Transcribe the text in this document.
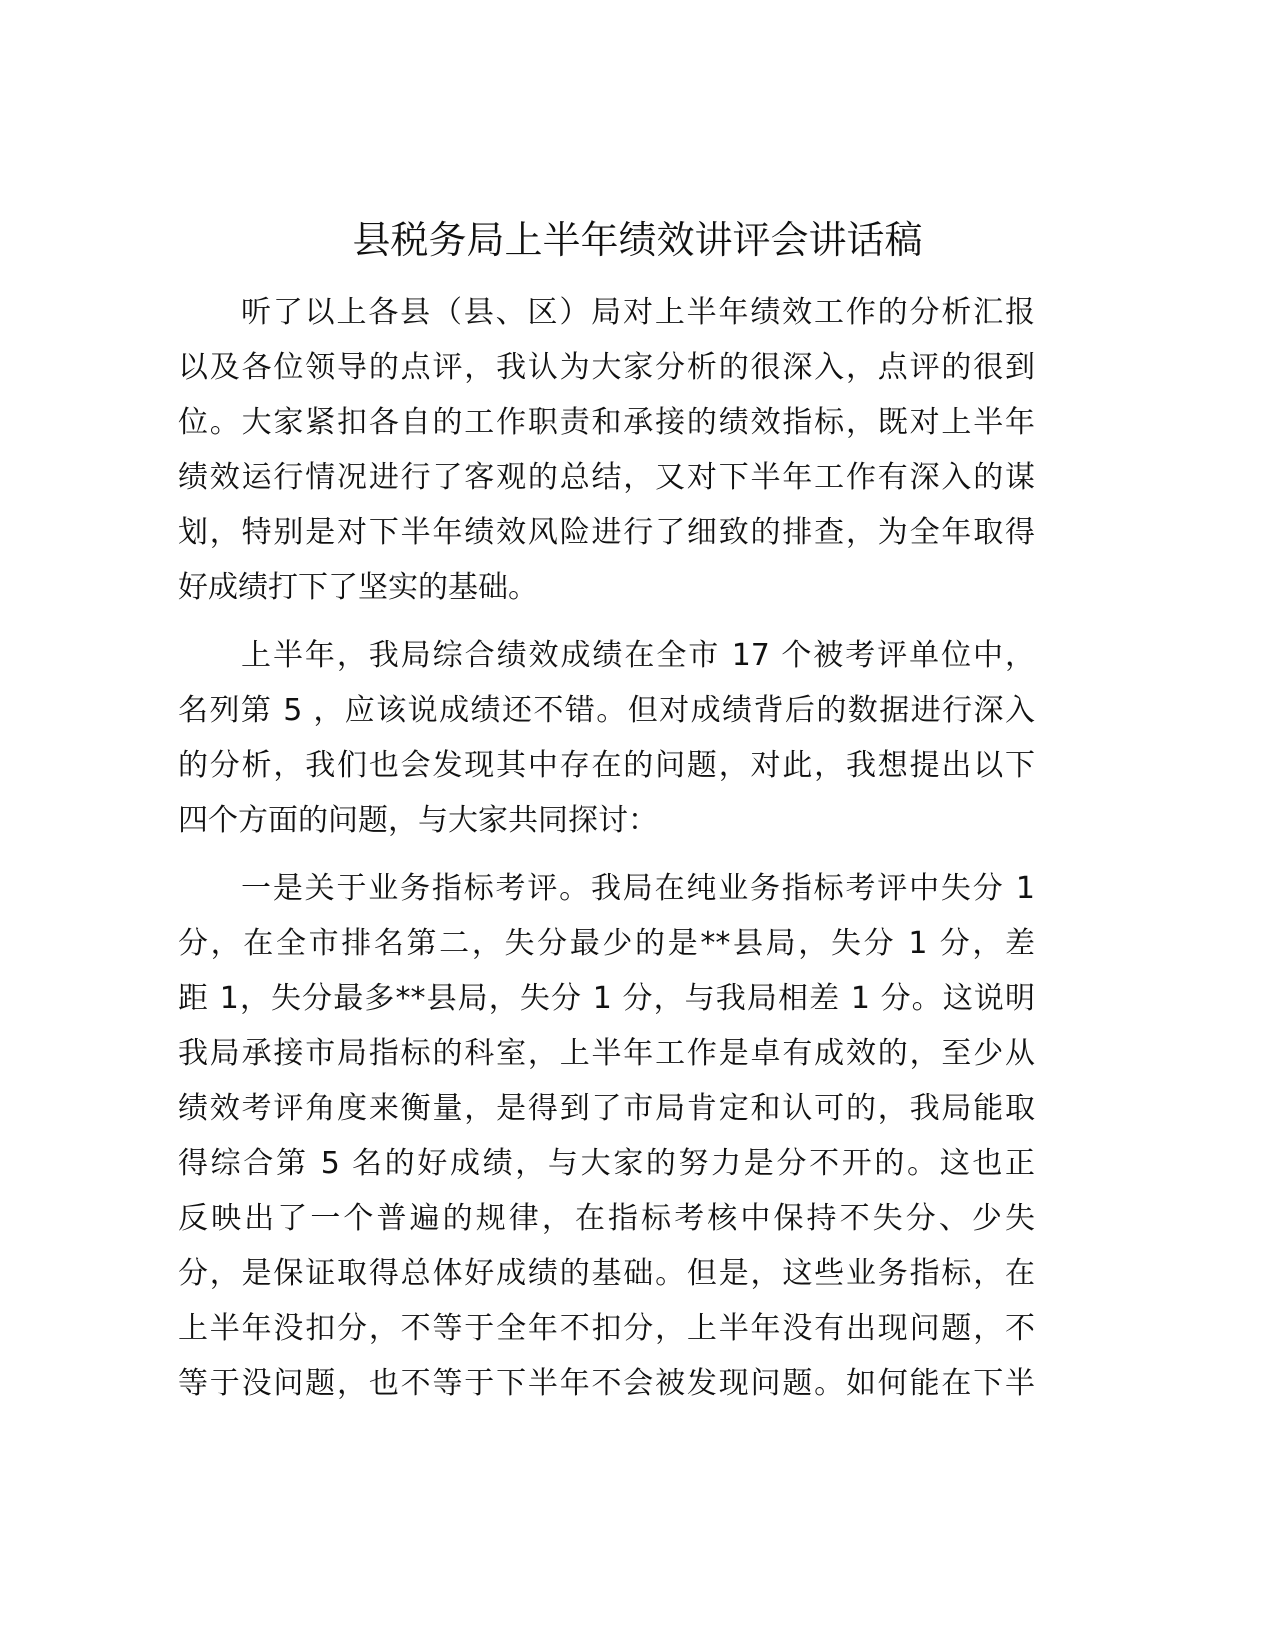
县税务局上半年绩效讲评会讲话稿
听了以上各县（县、区）局对上半年绩效工作的分析汇报
以及各位领导的点评，我认为大家分析的很深入，点评的很到
位。大家紧扣各自的工作职责和承接的绩效指标，既对上半年
绩效运行情况进行了客观的总结，又对下半年工作有深入的谋
划，特别是对下半年绩效风险进行了细致的排查，为全年取得
好成绩打下了坚实的基础。
上半年，我局综合绩效成绩在全市 17 个被考评单位中，
名列第 5 ，应该说成绩还不错。但对成绩背后的数据进行深入
的分析，我们也会发现其中存在的问题，对此，我想提出以下
四个方面的问题，与大家共同探讨：
一是关于业务指标考评。我局在纯业务指标考评中失分 1
分，在全市排名第二，失分最少的是**县局，失分 1 分，差
距 1，失分最多**县局，失分 1 分，与我局相差 1 分。这说明
我局承接市局指标的科室，上半年工作是卓有成效的，至少从
绩效考评角度来衡量，是得到了市局肯定和认可的，我局能取
得综合第 5 名的好成绩，与大家的努力是分不开的。这也正
反映出了一个普遍的规律，在指标考核中保持不失分、少失
分，是保证取得总体好成绩的基础。但是，这些业务指标，在
上半年没扣分，不等于全年不扣分，上半年没有出现问题，不
等于没问题，也不等于下半年不会被发现问题。如何能在下半
